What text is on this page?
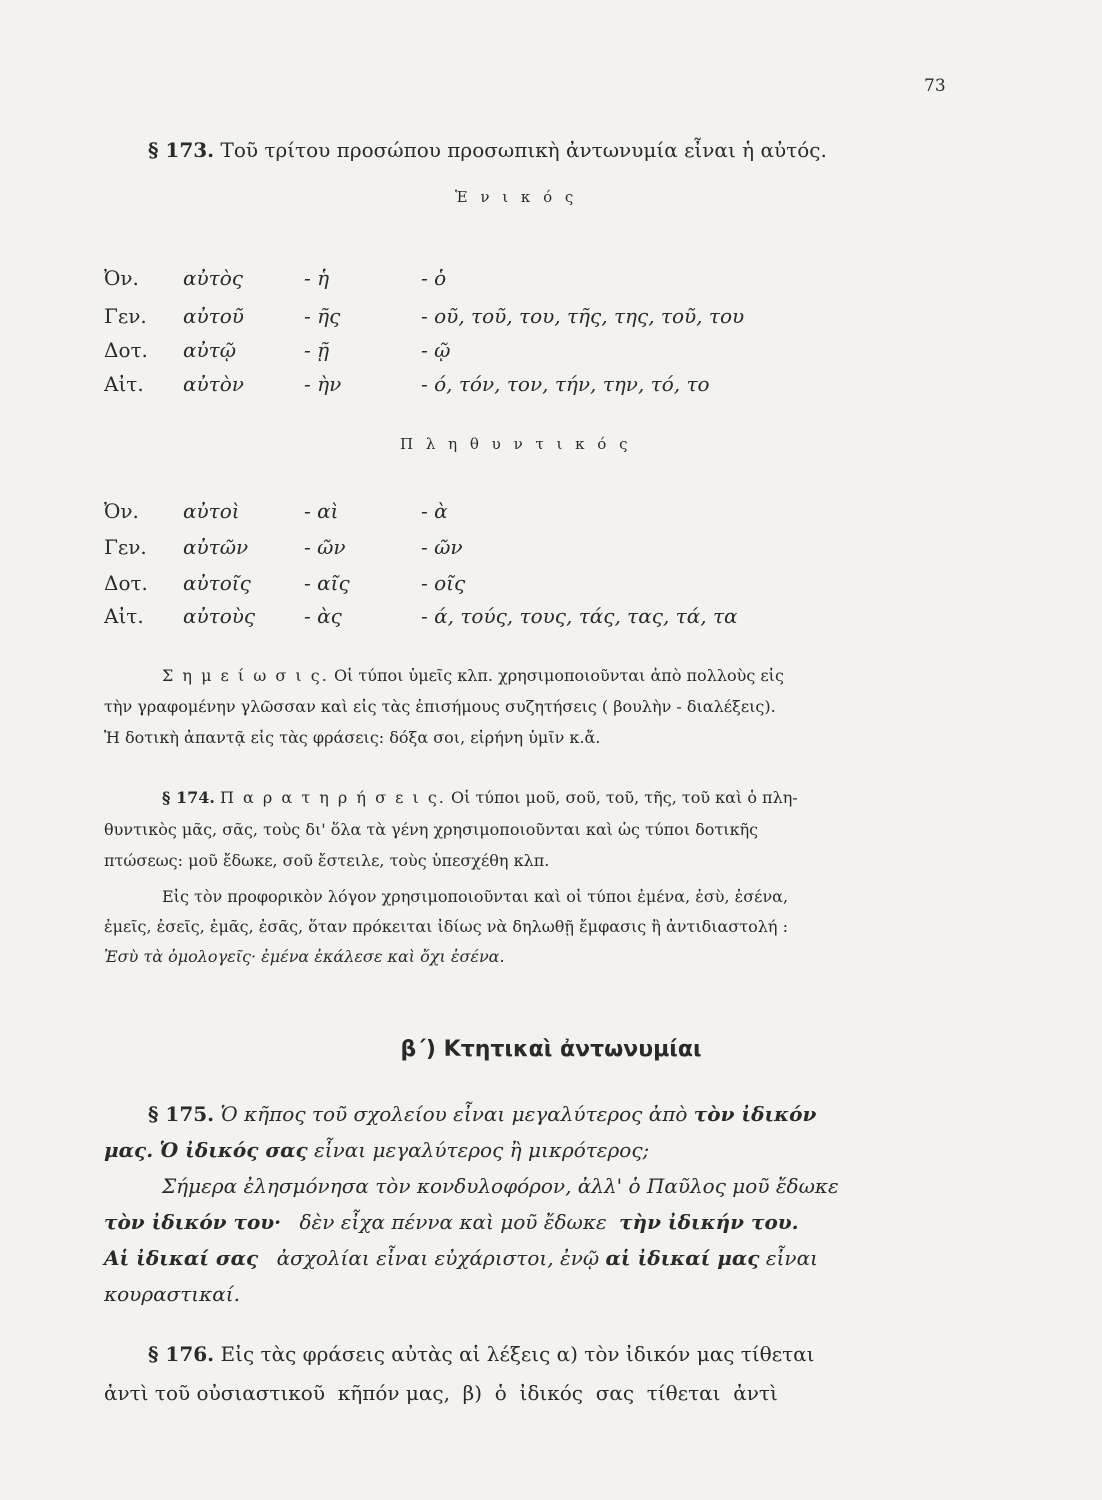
73
§ 173. Τοῦ τρίτου προσώπου προσωπικὴ ἀντωνυμία εἶναι ἡ αὐτός.
Ἑ ν ι κ ό ς
Ὀν. αὐτὸς	- ἡ	- ὁ
Γεν. αὐτοῦ	- ῆς	- οῦ, τοῦ, του, τῆς, της, τοῦ, του
Δοτ. αὐτῷ	- ῇ	- ῷ
Αἰτ. αὐτὸν	- ὴν	- ό, τόν, τον, τήν, την, τό, το
Π λ η θ υ ν τ ι κ ό ς
Ὀν. αὐτοὶ	- αὶ	- ὰ
Γεν. αὐτῶν	- ῶν	- ῶν
Δοτ. αὐτοῖς	- αῖς	- οῖς
Αἰτ. αὐτοὺς - ὰς	- ά, τούς, τους, τάς, τας, τά, τα
Σ η μ ε ί ω σ ι ς. Οἱ τύποι ὑμεῖς κλπ. χρησιμοποιοῦνται ἀπὸ πολλοὺς εἰς
τὴν γραφομένην γλῶσσαν καὶ εἰς τὰς ἐπισήμους συζητήσεις ( βουλὴν - διαλέξεις).
Ἡ δοτικὴ ἀπαντᾷ εἰς τὰς φράσεις: δόξα σοι, εἰρήνη ὑμῖν κ.ἄ.
§ 174. Π α ρ α τ η ρ ή σ ε ι ς. Οἱ τύποι μοῦ, σοῦ, τοῦ, τῆς, τοῦ καὶ ὁ πλη-
θυντικὸς μᾶς, σᾶς, τοὺς δι' ὅλα τὰ γένη χρησιμοποιοῦνται καὶ ὡς τύποι δοτικῆς
πτώσεως: μοῦ ἔδωκε, σοῦ ἔστειλε, τοὺς ὑπεσχέθη κλπ.
Εἰς τὸν προφορικὸν λόγον χρησιμοποιοῦνται καὶ οἱ τύποι ἐμένα, ἐσὺ, ἐσένα,
ἐμεῖς, ἐσεῖς, ἐμᾶς, ἐσᾶς, ὅταν πρόκειται ἰδίως νὰ δηλωθῇ ἔμφασις ἢ ἀντιδιαστολή :
Ἐσὺ τὰ ὁμολογεῖς· ἐμένα ἐκάλεσε καὶ ὄχι ἐσένα.
β΄) Κτητικαὶ ἀντωνυμίαι
§ 175. Ὁ κῆπος τοῦ σχολείου εἶναι μεγαλύτερος ἀπὸ τὸν ἰδικόν
μας. Ὁ ἰδικός σας εἶναι μεγαλύτερος ἢ μικρότερος;
Σήμερα ἐλησμόνησα τὸν κονδυλοφόρον, ἀλλ' ὁ Παῦλος μοῦ ἔδωκε
τὸν ἰδικόν του· δὲν εἶχα πέννα καὶ μοῦ ἔδωκε τὴν ἰδικήν του.
Αἱ ἰδικαί σας ἀσχολίαι εἶναι εὐχάριστοι, ἐνῷ αἱ ἰδικαί μας εἶναι
κουραστικαί.
§ 176. Εἰς τὰς φράσεις αὐτὰς αἱ λέξεις α) τὸν ἰδικόν μας τίθεται
ἀντὶ τοῦ οὐσιαστικοῦ  κῆπόν μας,  β)  ὁ  ἰδικός  σας  τίθεται  ἀντὶ
